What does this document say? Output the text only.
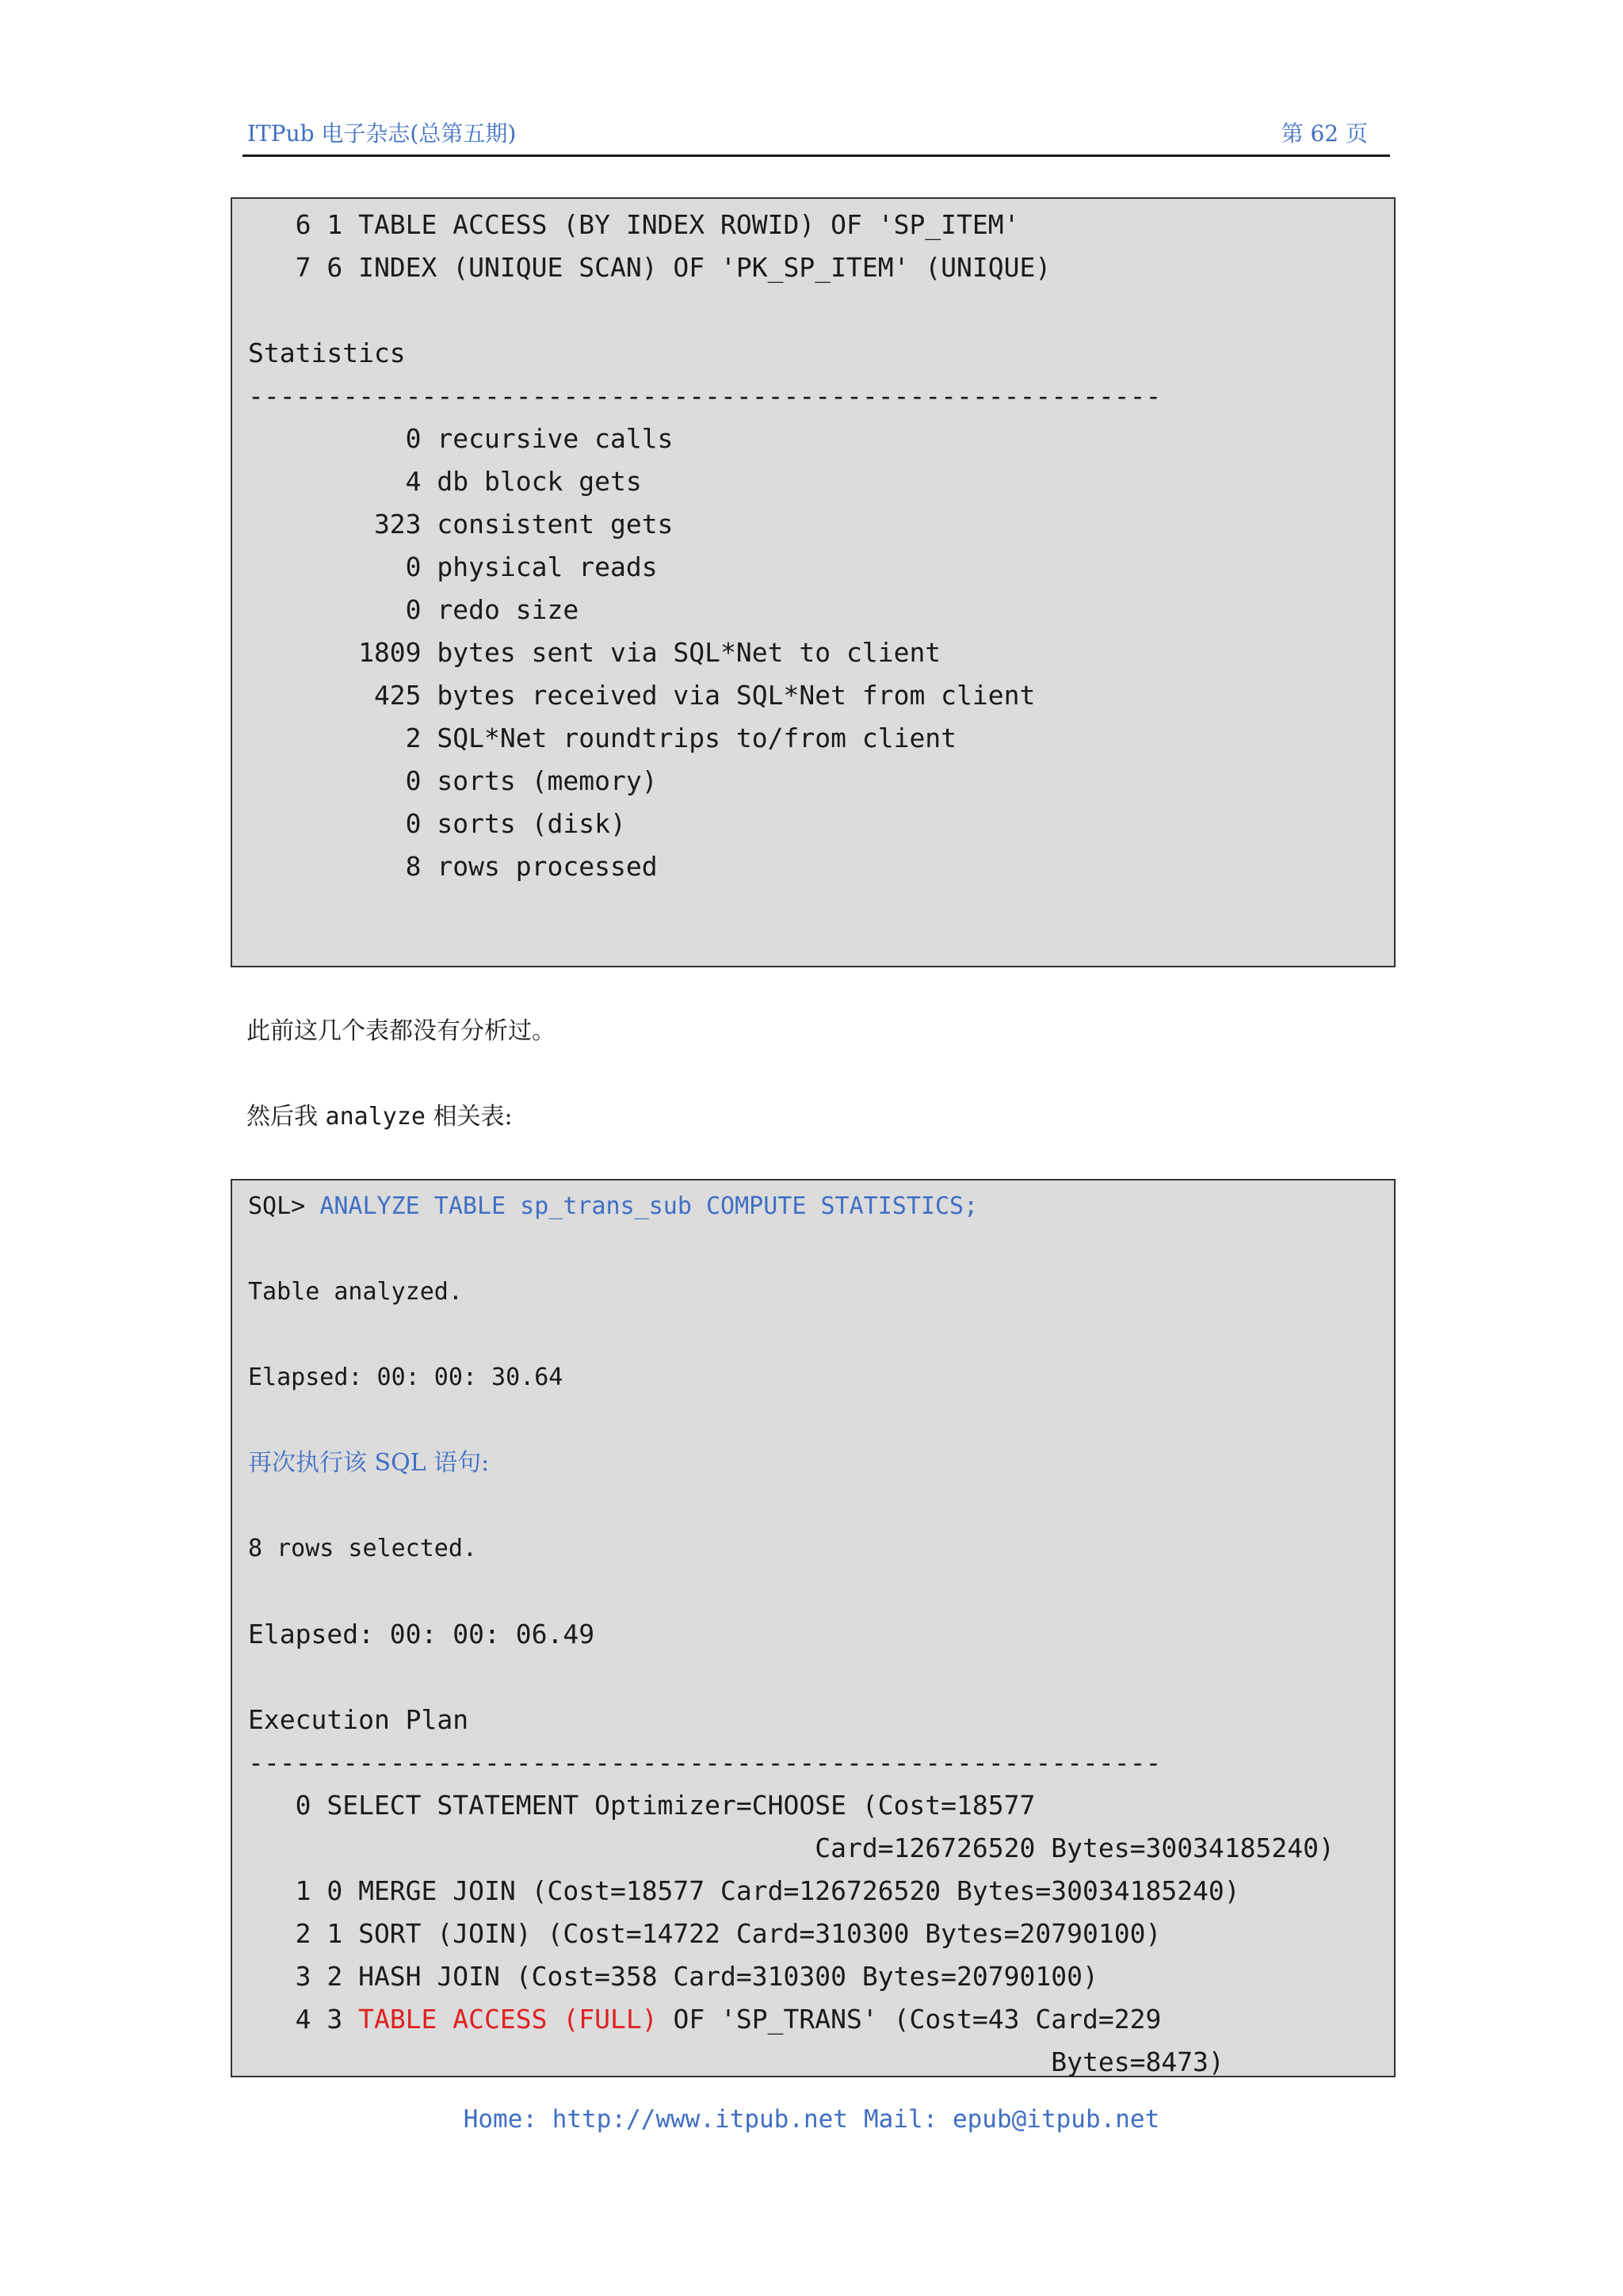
ITPub 电子杂志(总第五期)	第 62 页
6 1 TABLE ACCESS (BY INDEX ROWID) OF 'SP_ITEM'
7 6 INDEX (UNIQUE SCAN) OF 'PK_SP_ITEM' (UNIQUE)
Statistics
----------------------------------------------------------
0 recursive calls
4 db block gets
323 consistent gets
0 physical reads
0 redo size
1809 bytes sent via SQL*Net to client
425 bytes received via SQL*Net from client
2 SQL*Net roundtrips to/from client
0 sorts (memory)
0 sorts (disk)
8 rows processed
此前这几个表都没有分析过。
然后我 analyze 相关表:
SQL> ANALYZE TABLE sp_trans_sub COMPUTE STATISTICS;
Table analyzed.
Elapsed: 00: 00: 30.64
再次执行该 SQL 语句:
8 rows selected.
Elapsed: 00: 00: 06.49
Execution Plan
----------------------------------------------------------
0 SELECT STATEMENT Optimizer=CHOOSE (Cost=18577
Card=126726520 Bytes=30034185240)
1 0 MERGE JOIN (Cost=18577 Card=126726520 Bytes=30034185240)
2 1 SORT (JOIN) (Cost=14722 Card=310300 Bytes=20790100)
3 2 HASH JOIN (Cost=358 Card=310300 Bytes=20790100)
4 3 TABLE ACCESS (FULL) OF 'SP_TRANS' (Cost=43 Card=229
Bytes=8473)
Home: http://www.itpub.net Mail: epub@itpub.net
